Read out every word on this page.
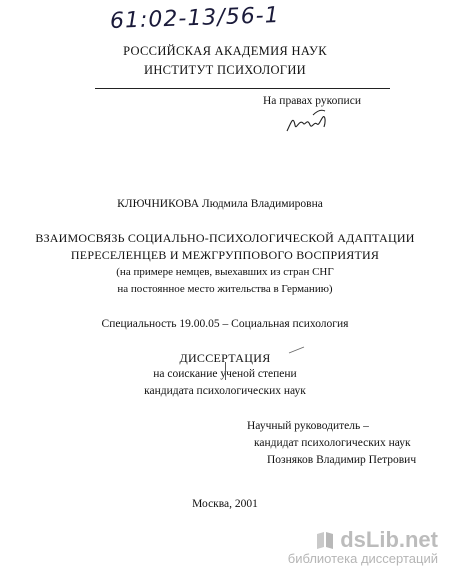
61:02-13/56-1
РОССИЙСКАЯ АКАДЕМИЯ НАУК
ИНСТИТУТ ПСИХОЛОГИИ
На правах рукописи
КЛЮЧНИКОВА Людмила Владимировна
ВЗАИМОСВЯЗЬ СОЦИАЛЬНО-ПСИХОЛОГИЧЕСКОЙ АДАПТАЦИИ
ПЕРЕСЕЛЕНЦЕВ И МЕЖГРУППОВОГО ВОСПРИЯТИЯ
(на примере немцев, выехавших из стран СНГ
на постоянное место жительства в Германию)
Специальность 19.00.05 – Социальная психология
ДИССЕРТАЦИЯ
на соискание ученой степени
кандидата психологических наук
Научный руководитель –
кандидат психологических наук
Позняков Владимир Петрович
Москва, 2001
dsLib.net
библиотека диссертаций
